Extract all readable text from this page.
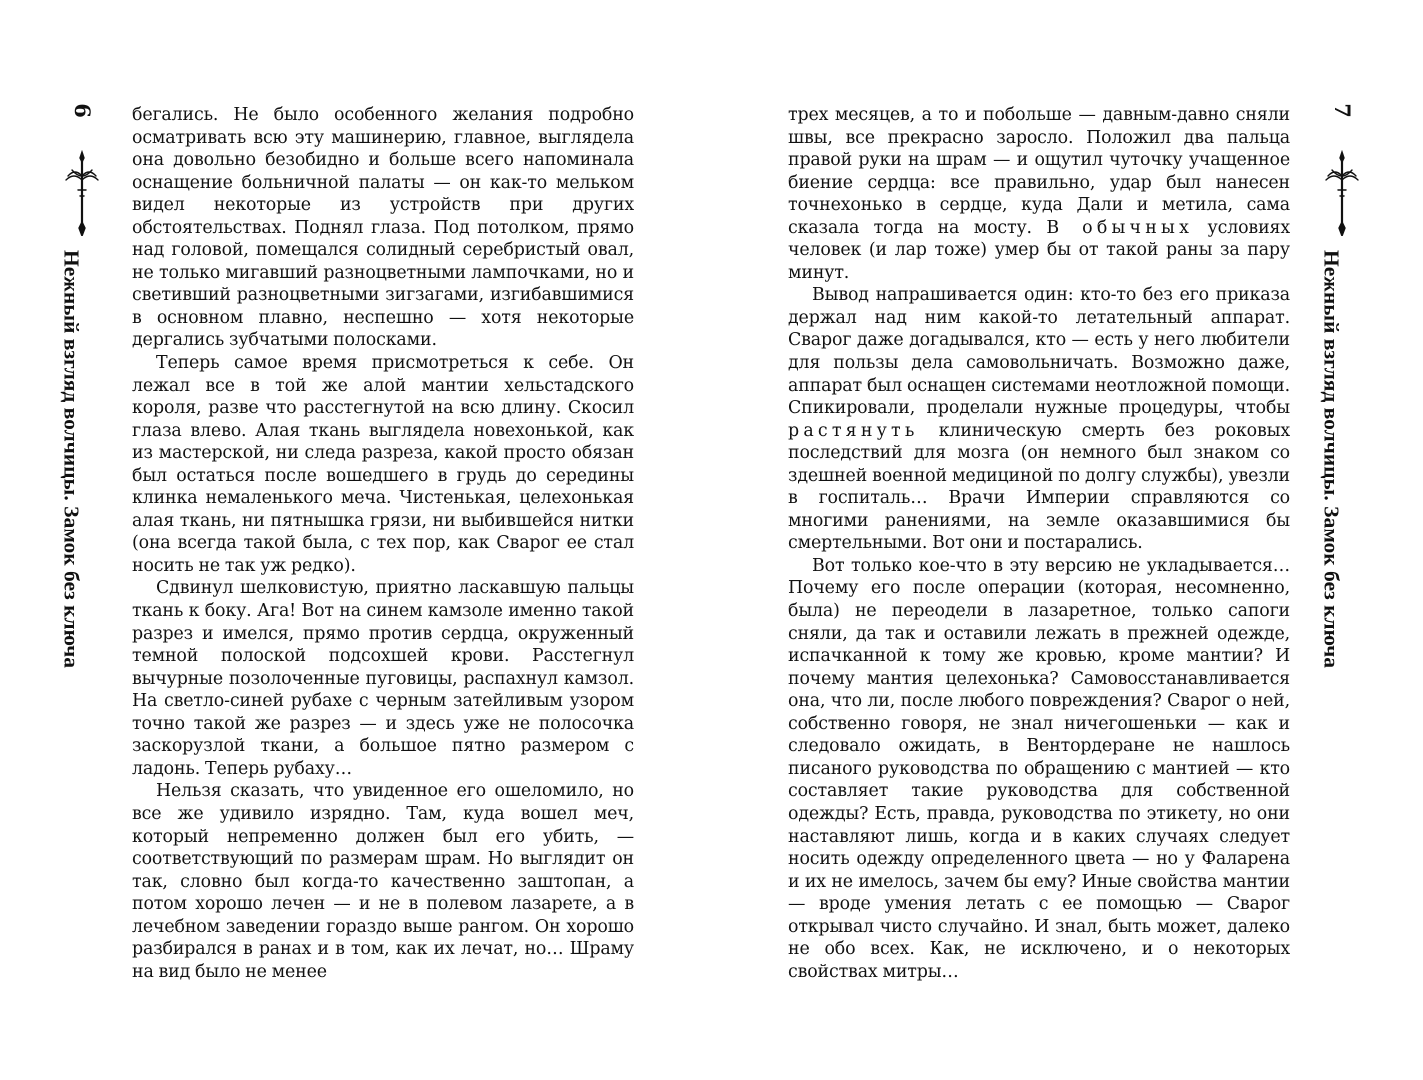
6
Нежный взгляд волчицы. Замок без ключа

бегались. Не было особенного желания подробно осматривать всю эту машинерию, главное, выглядела она довольно безобидно и больше всего напоминала оснащение больничной палаты — он как-то мельком видел некоторые из устройств при других обстоятельствах. Поднял глаза. Под потолком, прямо над головой, помещался солидный серебристый овал, не только мигавший разноцветными лампочками, но и светивший разноцветными зигзагами, изгибавшимися в основном плавно, неспешно — хотя некоторые дергались зубчатыми полосками.

Теперь самое время присмотреться к себе. Он лежал все в той же алой мантии хельстадского короля, разве что расстегнутой на всю длину. Скосил глаза влево. Алая ткань выглядела новехонькой, как из мастерской, ни следа разреза, какой просто обязан был остаться после вошедшего в грудь до середины клинка немаленького меча. Чистенькая, целехонькая алая ткань, ни пятнышка грязи, ни выбившейся нитки (она всегда такой была, с тех пор, как Сварог ее стал носить не так уж редко).

Сдвинул шелковистую, приятно ласкавшую пальцы ткань к боку. Ага! Вот на синем камзоле именно такой разрез и имелся, прямо против сердца, окруженный темной полоской подсохшей крови. Расстегнул вычурные позолоченные пуговицы, распахнул камзол. На светло-синей рубахе с черным затейливым узором точно такой же разрез — и здесь уже не полосочка заскорузлой ткани, а большое пятно размером с ладонь. Теперь рубаху…

Нельзя сказать, что увиденное его ошеломило, но все же удивило изрядно. Там, куда вошел меч, который непременно должен был его убить, — соответствующий по размерам шрам. Но выглядит он так, словно был когда-то качественно заштопан, а потом хорошо лечен — и не в полевом лазарете, а в лечебном заведении гораздо выше рангом. Он хорошо разбирался в ранах и в том, как их лечат, но… Шраму на вид было не менее

трех месяцев, а то и побольше — давным-давно сняли швы, все прекрасно заросло. Положил два пальца правой руки на шрам — и ощутил чуточку учащенное биение сердца: все правильно, удар был нанесен точнехонько в сердце, куда Дали и метила, сама сказала тогда на мосту. В обычных условиях человек (и лар тоже) умер бы от такой раны за пару минут.

Вывод напрашивается один: кто-то без его приказа держал над ним какой-то летательный аппарат. Сварог даже догадывался, кто — есть у него любители для пользы дела самовольничать. Возможно даже, аппарат был оснащен системами неотложной помощи. Спикировали, проделали нужные процедуры, чтобы растянуть клиническую смерть без роковых последствий для мозга (он немного был знаком со здешней военной медициной по долгу службы), увезли в госпиталь… Врачи Империи справляются со многими ранениями, на земле оказавшимися бы смертельными. Вот они и постарались.

Вот только кое-что в эту версию не укладывается… Почему его после операции (которая, несомненно, была) не переодели в лазаретное, только сапоги сняли, да так и оставили лежать в прежней одежде, испачканной к тому же кровью, кроме мантии? И почему мантия целехонька? Самовосстанавливается она, что ли, после любого повреждения? Сварог о ней, собственно говоря, не знал ничегошеньки — как и следовало ожидать, в Вентордеране не нашлось писаного руководства по обращению с мантией — кто составляет такие руководства для собственной одежды? Есть, правда, руководства по этикету, но они наставляют лишь, когда и в каких случаях следует носить одежду определенного цвета — но у Фаларена и их не имелось, зачем бы ему? Иные свойства мантии — вроде умения летать с ее помощью — Сварог открывал чисто случайно. И знал, быть может, далеко не обо всех. Как, не исключено, и о некоторых свойствах митры…

7
Нежный взгляд волчицы. Замок без ключа
